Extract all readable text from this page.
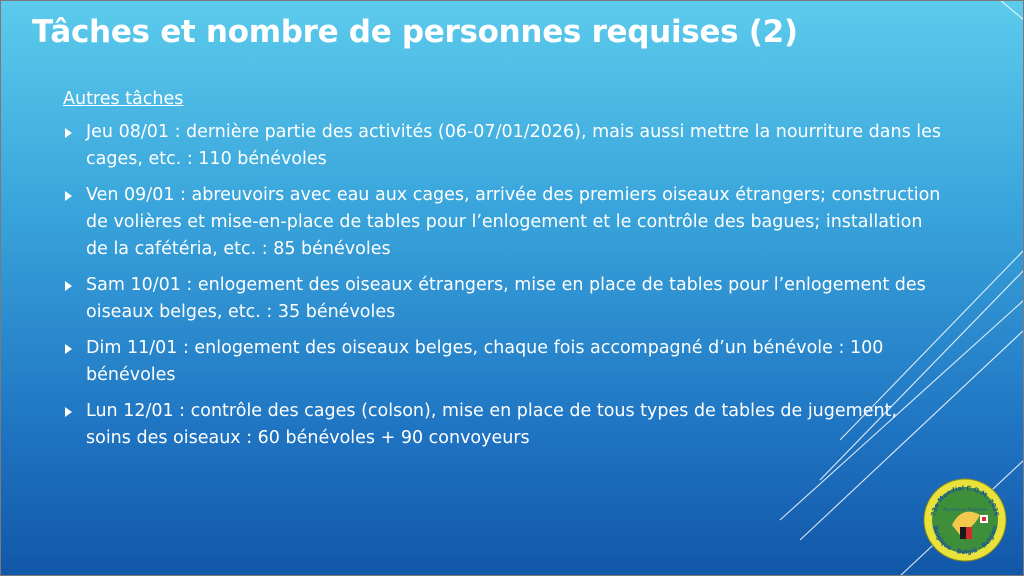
Tâches et nombre de personnes requises (2)
Autres tâches
Jeu 08/01 : dernière partie des activités (06-07/01/2026), mais aussi mettre la nourriture dans les cages, etc. : 110 bénévoles
Ven 09/01 : abreuvoirs avec eau aux cages, arrivée des premiers oiseaux étrangers; construction de volières et mise-en-place de tables pour l’enlogement et le contrôle des bagues; installation de la cafétéria, etc. : 85 bénévoles
Sam 10/01 : enlogement des oiseaux étrangers, mise en place de tables pour l’enlogement des oiseaux belges, etc. : 35 bénévoles
Dim 11/01 : enlogement des oiseaux belges, chaque fois accompagné d’un bénévole : 100 bénévoles
Lun 12/01 : contrôle des cages (colson), mise en place de tous types de tables de jugement, soins des oiseaux : 60 bénévoles + 90 convoyeurs
73e Mondial C.O.M. 2026
Marche-en-Famenne
Belgique · België · Belgien
